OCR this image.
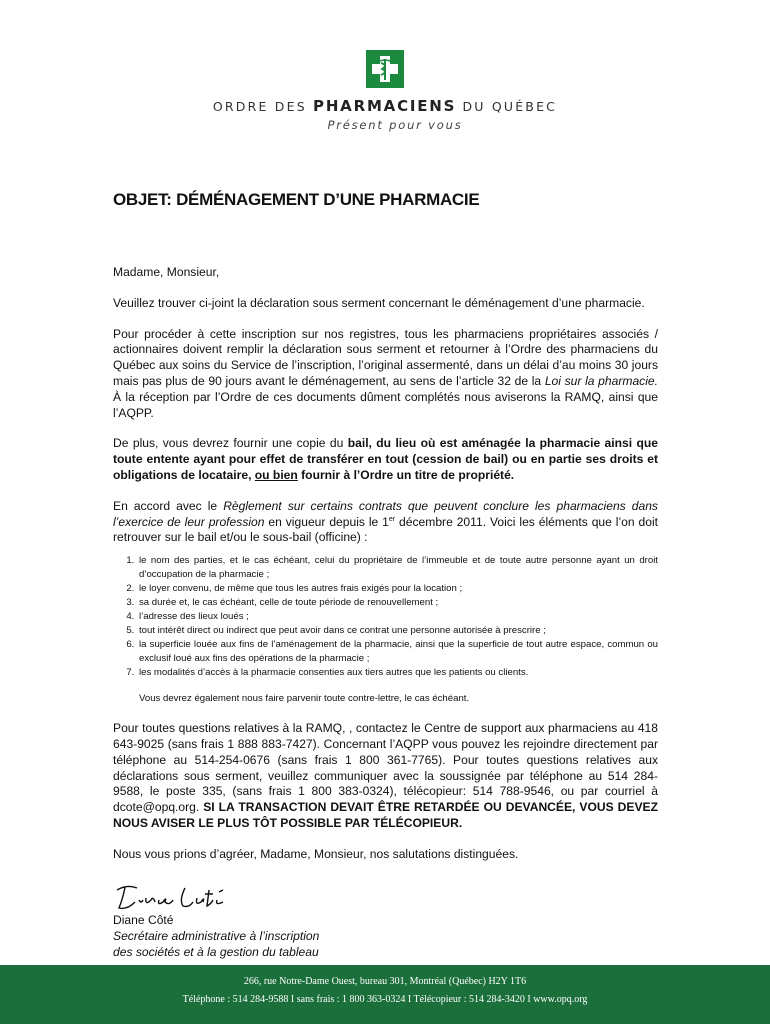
ORDRE DES PHARMACIENS DU QUÉBEC
Présent pour vous
OBJET: DÉMÉNAGEMENT D’UNE PHARMACIE

Madame, Monsieur,

Veuillez trouver ci-joint la déclaration sous serment concernant le déménagement d’une pharmacie.

Pour procéder à cette inscription sur nos registres, tous les pharmaciens propriétaires associés / actionnaires doivent remplir la déclaration sous serment et retourner à l’Ordre des pharmaciens du Québec aux soins du Service de l’inscription, l’original assermenté, dans un délai d’au moins 30 jours mais pas plus de 90 jours avant le déménagement, au sens de l’article 32 de la Loi sur la pharmacie. À la réception par l’Ordre de ces documents dûment complétés nous aviserons la RAMQ, ainsi que l’AQPP.

De plus, vous devrez fournir une copie du bail, du lieu où est aménagée la pharmacie ainsi que toute entente ayant pour effet de transférer en tout (cession de bail) ou en partie ses droits et obligations de locataire, ou bien fournir à l’Ordre un titre de propriété.

En accord avec le Règlement sur certains contrats que peuvent conclure les pharmaciens dans l’exercice de leur profession en vigueur depuis le 1er décembre 2011. Voici les éléments que l’on doit retrouver sur le bail et/ou le sous-bail (officine) :

1. le nom des parties, et le cas échéant, celui du propriétaire de l’immeuble et de toute autre personne ayant un droit d’occupation de la pharmacie ;
2. le loyer convenu, de même que tous les autres frais exigés pour la location ;
3. sa durée et, le cas échéant, celle de toute période de renouvellement ;
4. l’adresse des lieux loués ;
5. tout intérêt direct ou indirect que peut avoir dans ce contrat une personne autorisée à prescrire ;
6. la superficie louée aux fins de l’aménagement de la pharmacie, ainsi que la superficie de tout autre espace, commun ou exclusif loué aux fins des opérations de la pharmacie ;
7. les modalités d’accès à la pharmacie consenties aux tiers autres que les patients ou clients.
Vous devrez également nous faire parvenir toute contre-lettre, le cas échéant.

Pour toutes questions relatives à la RAMQ, , contactez le Centre de support aux pharmaciens au 418 643-9025 (sans frais 1 888 883-7427). Concernant l’AQPP vous pouvez les rejoindre directement par téléphone au 514-254-0676 (sans frais 1 800 361-7765). Pour toutes questions relatives aux déclarations sous serment, veuillez communiquer avec la soussignée par téléphone au 514 284-9588, le poste 335, (sans frais 1 800 383-0324), télécopieur: 514 788-9546, ou par courriel à dcote@opq.org. SI LA TRANSACTION DEVAIT ÊTRE RETARDÉE OU DEVANCÉE, VOUS DEVEZ NOUS AVISER LE PLUS TÔT POSSIBLE PAR TÉLÉCOPIEUR.

Nous vous prions d’agréer, Madame, Monsieur, nos salutations distinguées.

Diane Côté
Secrétaire administrative à l’inscription
des sociétés et à la gestion du tableau
266, rue Notre-Dame Ouest, bureau 301, Montréal (Québec) H2Y 1T6
Téléphone : 514 284-9588 I sans frais : 1 800 363-0324 I Télécopieur : 514 284-3420 I www.opq.org
